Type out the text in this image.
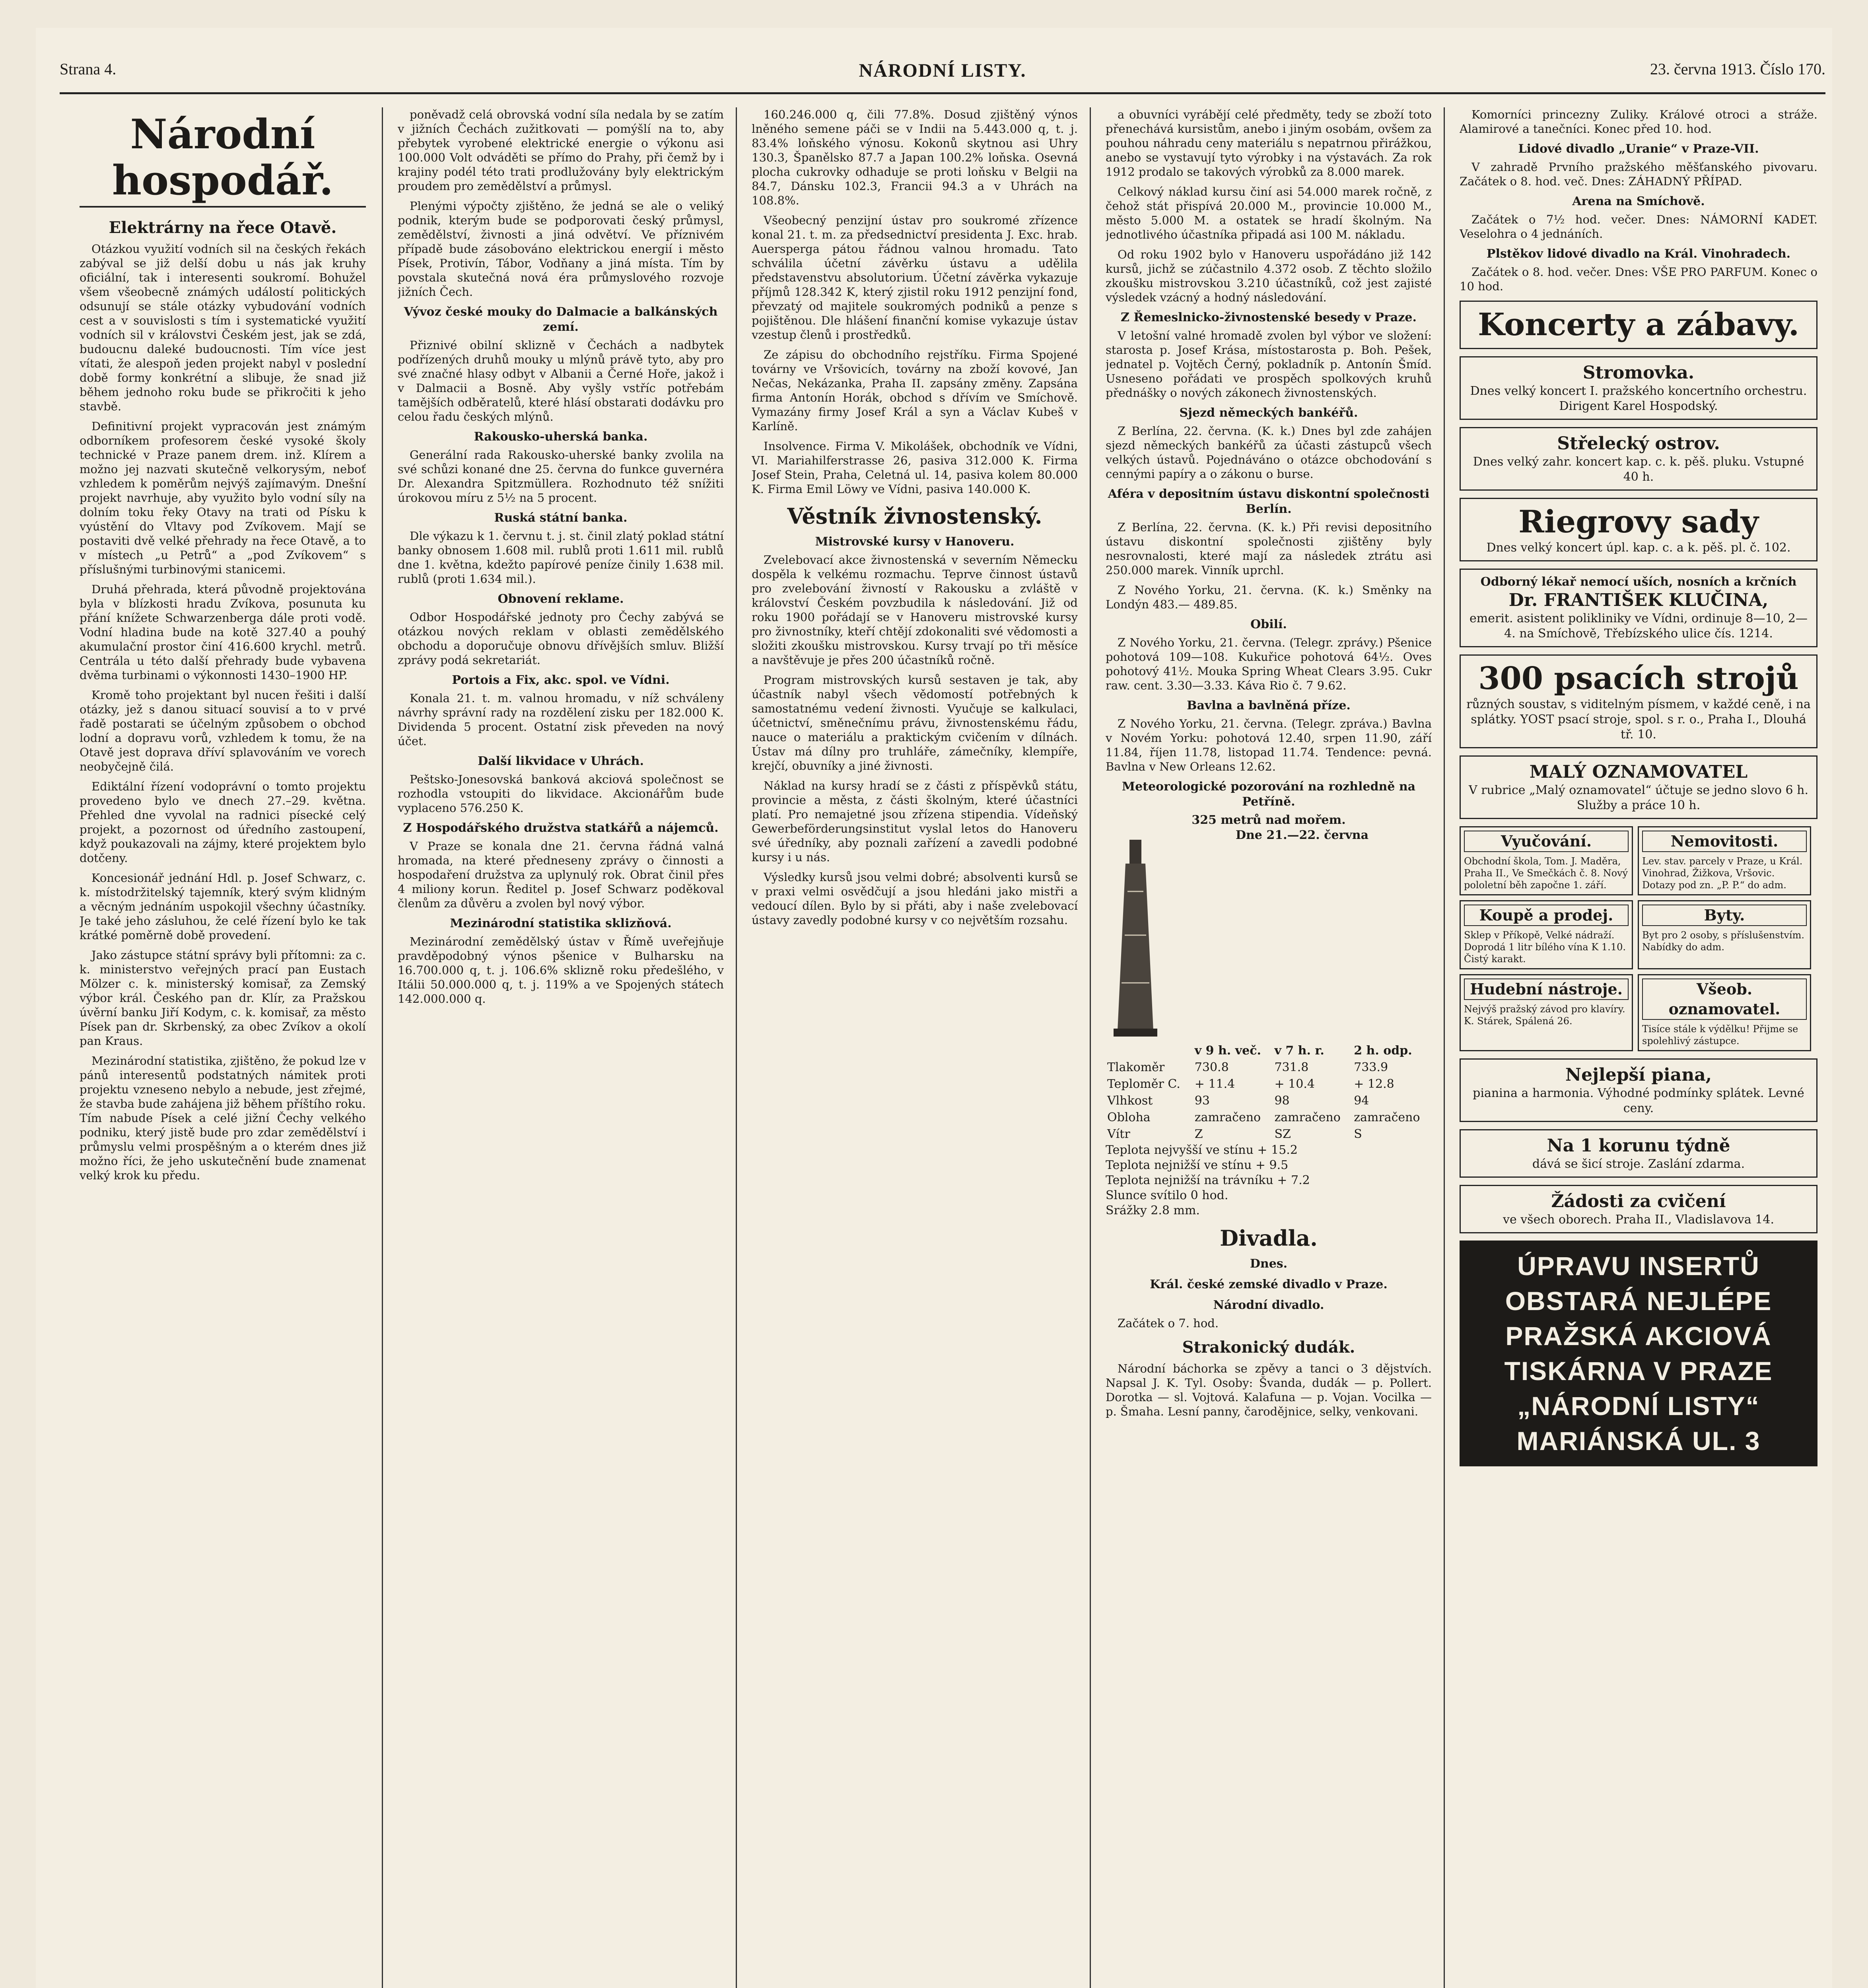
Strana 4.	NÁRODNÍ LISTY.	23. června 1913. Číslo 170.
Národní hospodář.
Elektrárny na řece Otavě.

Otázkou využití vodních sil na českých řekách zabýval se již delší dobu u nás jak kruhy oficiální, tak i interesenti soukromí. Bohužel všem všeobecně známých událostí politických odsunují se stále otázky vybudování vodních cest a v souvislosti s tím i systematické využití vodních sil v královstvi Českém jest, jak se zdá, budoucnu daleké budoucnosti. Tím více jest vítati, že alespoň jeden projekt nabyl v poslední době formy konkrétní a slibuje, že snad již během jednoho roku bude se přikročiti k jeho stavbě.

Definitivní projekt vypracován jest známým odborníkem profesorem české vysoké školy technické v Praze panem drem. inž. Klírem a možno jej nazvati skutečně velkorysým, neboť vzhledem k poměrům nejvýš zajímavým. Dnešní projekt navrhuje, aby využito bylo vodní síly na dolním toku řeky Otavy na trati od Písku k vyústění do Vltavy pod Zvíkovem. Mají se postaviti dvě velké přehrady na řece Otavě, a to v místech „u Petrů“ a „pod Zvíkovem“ s příslušnými turbinovými stanicemi.

Druhá přehrada, která původně projektována byla v blízkosti hradu Zvíkova, posunuta ku přání knížete Schwarzenberga dále proti vodě. Vodní hladina bude na kotě 327.40 a pouhý akumulační prostor činí 416.600 krychl. metrů. Centrála u této další přehrady bude vybavena dvěma turbinami o výkonnosti 1430–1900 HP.

Kromě toho projektant byl nucen řešiti i další otázky, jež s danou situací souvisí a to v prvé řadě postarati se účelným způsobem o obchod lodní a dopravu vorů, vzhledem k tomu, že na Otavě jest doprava dříví splavováním ve vorech neobyčejně čilá.

Ediktální řízení vodoprávní o tomto projektu provedeno bylo ve dnech 27.–29. května. Přehled dne vyvolal na radnici písecké celý projekt, a pozornost od úředního zastoupení, když poukazovali na zájmy, které projektem bylo dotčeny.

Koncesionář jednání Hdl. p. Josef Schwarz, c. k. místodržitelský tajemník, který svým klidným a věcným jednáním uspokojil všechny účastníky. Je také jeho zásluhou, že celé řízení bylo ke tak krátké poměrně době provedení.

Jako zástupce státní správy byli přítomni: za c. k. ministerstvo veřejných prací pan Eustach Mölzer c. k. ministerský komisař, za Zemský výbor král. Českého pan dr. Klír, za Pražskou úvěrní banku Jiří Kodym, c. k. komisař, za město Písek pan dr. Skrbenský, za obec Zvíkov a okolí pan Kraus.

Mezinárodní statistika, zjištěno, že pokud lze v pánů interesentů podstatných námitek proti projektu vzneseno nebylo a nebude, jest zřejmé, že stavba bude zahájena již během příštího roku. Tím nabude Písek a celé jižní Čechy velkého podniku, který jistě bude pro zdar zemědělství i průmyslu velmi prospěšným a o kterém dnes již možno říci, že jeho uskutečnění bude znamenat velký krok ku předu.

poněvadž celá obrovská vodní síla nedala by se zatím v jižních Čechách zužitkovati — pomýšlí na to, aby přebytek vyrobené elektrické energie o výkonu asi 100.000 Volt odváděti se přímo do Prahy, při čemž by i krajiny podél této trati prodlužovány byly elektrickým proudem pro zemědělství a průmysl.

Plenými výpočty zjištěno, že jedná se ale o veliký podnik, kterým bude se podporovati český průmysl, zemědělství, živnosti a jiná odvětví. Ve příznivém případě bude zásobováno elektrickou energií i město Písek, Protivín, Tábor, Vodňany a jiná místa. Tím by povstala skutečná nová éra průmyslového rozvoje jižních Čech.

Vývoz české mouky do Dalmacie a balkánských zemí.

Přiznivé obilní sklizně v Čechách a nadbytek podřízených druhů mouky u mlýnů právě tyto, aby pro své značné hlasy odbyt v Albanii a Černé Hoře, jakož i v Dalmacii a Bosně. Aby vyšly vstříc potřebám tamějších odběratelů, které hlásí obstarati dodávku pro celou řadu českých mlýnů.

Rakousko-uherská banka.

Generální rada Rakousko-uherské banky zvolila na své schůzi konané dne 25. června do funkce guvernéra Dr. Alexandra Spitzmüllera. Rozhodnuto též snížiti úrokovou míru z 5½ na 5 procent.

Ruská státní banka.

Dle výkazu k 1. červnu t. j. st. činil zlatý poklad státní banky obnosem 1.608 mil. rublů proti 1.611 mil. rublů dne 1. května, kdežto papírové peníze činily 1.638 mil. rublů (proti 1.634 mil.).

Obnovení reklame.

Odbor Hospodářské jednoty pro Čechy zabývá se otázkou nových reklam v oblasti zemědělského obchodu a doporučuje obnovu dřívějších smluv. Bližší zprávy podá sekretariát.

Portois a Fix, akc. spol. ve Vídni.

Konala 21. t. m. valnou hromadu, v níž schváleny návrhy správní rady na rozdělení zisku per 182.000 K. Dividenda 5 procent. Ostatní zisk převeden na nový účet.

Další likvidace v Uhrách.

Peštsko-Jonesovská banková akciová společnost se rozhodla vstoupiti do likvidace. Akcionářům bude vyplaceno 576.250 K.

Z Hospodářského družstva statkářů a nájemců.

V Praze se konala dne 21. června řádná valná hromada, na které předneseny zprávy o činnosti a hospodaření družstva za uplynulý rok. Obrat činil přes 4 miliony korun. Ředitel p. Josef Schwarz poděkoval členům za důvěru a zvolen byl nový výbor.

Mezinárodní statistika sklizňová.

Mezinárodní zemědělský ústav v Římě uveřejňuje pravděpodobný výnos pšenice v Bulharsku na 16.700.000 q, t. j. 106.6% sklizně roku předešlého, v Itálii 50.000.000 q, t. j. 119% a ve Spojených státech 142.000.000 q.

160.246.000 q, čili 77.8%. Dosud zjištěný výnos lněného semene páči se v Indii na 5.443.000 q, t. j. 83.4% loňského výnosu. Kokonů skytnou asi Uhry 130.3, Španělsko 87.7 a Japan 100.2% loňska. Osevná plocha cukrovky odhaduje se proti loňsku v Belgii na 84.7, Dánsku 102.3, Francii 94.3 a v Uhrách na 108.8%.

Všeobecný penzijní ústav pro soukromé zřízence konal 21. t. m. za předsednictví presidenta J. Exc. hrab. Auersperga pátou řádnou valnou hromadu. Tato schválila účetní závěrku ústavu a udělila představenstvu absolutorium. Účetní závěrka vykazuje příjmů 128.342 K, který zjistil roku 1912 penzijní fond, převzatý od majitele soukromých podniků a penze s pojištěnou. Dle hlášení finanční komise vykazuje ústav vzestup členů i prostředků.

Ze zápisu do obchodního rejstříku. Firma Spojené továrny ve Vršovicích, továrny na zboží kovové, Jan Nečas, Nekázanka, Praha II. zapsány změny. Zapsána firma Antonín Horák, obchod s dřívím ve Smíchově. Vymazány firmy Josef Král a syn a Václav Kubeš v Karlíně.

Insolvence. Firma V. Mikolášek, obchodník ve Vídni, VI. Mariahilferstrasse 26, pasiva 312.000 K. Firma Josef Stein, Praha, Celetná ul. 14, pasiva kolem 80.000 K. Firma Emil Löwy ve Vídni, pasiva 140.000 K.

Věstník živnostenský.
Mistrovské kursy v Hanoveru.

Zvelebovací akce živnostenská v severním Německu dospěla k velkému rozmachu. Teprve činnost ústavů pro zvelebování živností v Rakousku a zvláště v království Českém povzbudila k následování. Již od roku 1900 pořádají se v Hanoveru mistrovské kursy pro živnostníky, kteří chtějí zdokonaliti své vědomosti a složiti zkoušku mistrovskou. Kursy trvají po tři měsíce a navštěvuje je přes 200 účastníků ročně.

Program mistrovských kursů sestaven je tak, aby účastník nabyl všech vědomostí potřebných k samostatnému vedení živnosti. Vyučuje se kalkulaci, účetnictví, směnečnímu právu, živnostenskému řádu, nauce o materiálu a praktickým cvičením v dílnách. Ústav má dílny pro truhláře, zámečníky, klempíře, krejčí, obuvníky a jiné živnosti.

Náklad na kursy hradí se z části z příspěvků státu, provincie a města, z části školným, které účastníci platí. Pro nemajetné jsou zřízena stipendia. Vídeňský Gewerbeförderungsinstitut vyslal letos do Hanoveru své úředníky, aby poznali zařízení a zavedli podobné kursy i u nás.

Výsledky kursů jsou velmi dobré; absolventi kursů se v praxi velmi osvědčují a jsou hledáni jako mistři a vedoucí dílen. Bylo by si přáti, aby i naše zvelebovací ústavy zavedly podobné kursy v co největším rozsahu.

a obuvníci vyrábějí celé předměty, tedy se zboží toto přenechává kursistům, anebo i jiným osobám, ovšem za pouhou náhradu ceny materiálu s nepatrnou přirážkou, anebo se vystavují tyto výrobky i na výstavách. Za rok 1912 prodalo se takových výrobků za 8.000 marek.

Celkový náklad kursu činí asi 54.000 marek ročně, z čehož stát přispívá 20.000 M., provincie 10.000 M., město 5.000 M. a ostatek se hradí školným. Na jednotlivého účastníka připadá asi 100 M. nákladu.

Od roku 1902 bylo v Hanoveru uspořádáno již 142 kursů, jichž se zúčastnilo 4.372 osob. Z těchto složilo zkoušku mistrovskou 3.210 účastníků, což jest zajisté výsledek vzácný a hodný následování.

Z Řemeslnicko-živnostenské besedy v Praze.

V letošní valné hromadě zvolen byl výbor ve složení: starosta p. Josef Krása, místostarosta p. Boh. Pešek, jednatel p. Vojtěch Černý, pokladník p. Antonín Šmíd. Usneseno pořádati ve prospěch spolkových kruhů přednášky o nových zákonech živnostenských.

Sjezd německých bankéřů.

Z Berlína, 22. června. (K. k.) Dnes byl zde zahájen sjezd německých bankéřů za účasti zástupců všech velkých ústavů. Pojednáváno o otázce obchodování s cennými papíry a o zákonu o burse.

Aféra v depositním ústavu diskontní společnosti Berlín.

Z Berlína, 22. června. (K. k.) Při revisi depositního ústavu diskontní společnosti zjištěny byly nesrovnalosti, které mají za následek ztrátu asi 250.000 marek. Vinník uprchl.

Z Nového Yorku, 21. června. (K. k.) Směnky na Londýn 483.— 489.85.

Obilí.

Z Nového Yorku, 21. června. (Telegr. zprávy.) Pšenice pohotová 109—108. Kukuřice pohotová 64½. Oves pohotový 41½. Mouka Spring Wheat Clears 3.95. Cukr raw. cent. 3.30—3.33. Káva Rio č. 7 9.62.

Bavlna a bavlněná příze.

Z Nového Yorku, 21. června. (Telegr. zpráva.) Bavlna v Novém Yorku: pohotová 12.40, srpen 11.90, září 11.84, říjen 11.78, listopad 11.74. Tendence: pevná. Bavlna v New Orleans 12.62.

Meteorologické pozorování na rozhledně na Petříně.
325 metrů nad mořem.
Dne 21.—22. června
	v 9 h. več.	v 7 h. r.	2 h. odp.
Tlakoměr	730.8	731.8	733.9
Teploměr C.	+ 11.4	+ 10.4	+ 12.8
Vlhkost	93	98	94
Obloha	zamračeno	zamračeno	zamračeno
Vítr	Z	SZ	S
Teplota nejvyšší ve stínu + 15.2
Teplota nejnižší ve stínu + 9.5
Teplota nejnižší na trávníku + 7.2
Slunce svítilo 0 hod.
Srážky 2.8 mm.
Divadla.
Dnes.
Král. české zemské divadlo v Praze.
Národní divadlo.

Začátek o 7. hod.

Strakonický dudák.

Národní báchorka se zpěvy a tanci o 3 dějstvích. Napsal J. K. Tyl. Osoby: Švanda, dudák — p. Pollert. Dorotka — sl. Vojtová. Kalafuna — p. Vojan. Vocilka — p. Šmaha. Lesní panny, čarodějnice, selky, venkovani.

Komorníci princezny Zuliky. Králové otroci a stráže. Alamirové a tanečníci. Konec před 10. hod.

Lidové divadlo „Uranie“ v Praze-VII.

V zahradě Prvního pražského měšťanského pivovaru. Začátek o 8. hod. več. Dnes: ZÁHADNÝ PŘÍPAD.

Arena na Smíchově.

Začátek o 7½ hod. večer. Dnes: NÁMORNÍ KADET. Veselohra o 4 jednáních.

Plstěkov lidové divadlo na Král. Vinohradech.

Začátek o 8. hod. večer. Dnes: VŠE PRO PARFUM. Konec o 10 hod.

Koncerty a zábavy.
Stromovka.
Dnes velký koncert I. pražského koncertního orchestru. Dirigent Karel Hospodský.
Střelecký ostrov.
Dnes velký zahr. koncert kap. c. k. pěš. pluku. Vstupné 40 h.
Riegrovy sady
Dnes velký koncert úpl. kap. c. a k. pěš. pl. č. 102.
Odborný lékař nemocí uších, nosních a krčních
Dr. FRANTIŠEK KLUČINA,
emerit. asistent polikliniky ve Vídni, ordinuje 8—10, 2—4. na Smíchově, Třebízského ulice čís. 1214.
300 psacích strojů
různých soustav, s viditelným písmem, v každé ceně, i na splátky. YOST psací stroje, spol. s r. o., Praha I., Dlouhá tř. 10.
MALÝ OZNAMOVATEL
V rubrice „Malý oznamovatel“ účtuje se jedno slovo 6 h. Služby a práce 10 h.
Vyučování.
Obchodní škola, Tom. J. Maděra, Praha II., Ve Smečkách č. 8. Nový pololetní běh započne 1. září.
Nemovitosti.
Lev. stav. parcely v Praze, u Král. Vinohrad, Žižkova, Vršovic. Dotazy pod zn. „P. P.“ do adm.
Koupě a prodej.
Sklep v Příkopě, Velké nádraží. Doprodá 1 litr bílého vína K 1.10. Čistý karakt.
Byty.
Byt pro 2 osoby, s příslušenstvím. Nabídky do adm.
Hudební nástroje.
Nejvýš pražský závod pro klavíry. K. Stárek, Spálená 26.
Všeob. oznamovatel.
Tisíce stále k výdělku! Přijme se spolehlivý zástupce.
Nejlepší piana,
pianina a harmonia. Výhodné podmínky splátek. Levné ceny.
Na 1 korunu týdně
dává se šicí stroje. Zaslání zdarma.
Žádosti za cvičení
ve všech oborech. Praha II., Vladislavova 14.
ÚPRAVU INSERTŮ OBSTARÁ NEJLÉPE PRAŽSKÁ AKCIOVÁ TISKÁRNA V PRAZE „NÁRODNÍ LISTY“ MARIÁNSKÁ UL. 3
